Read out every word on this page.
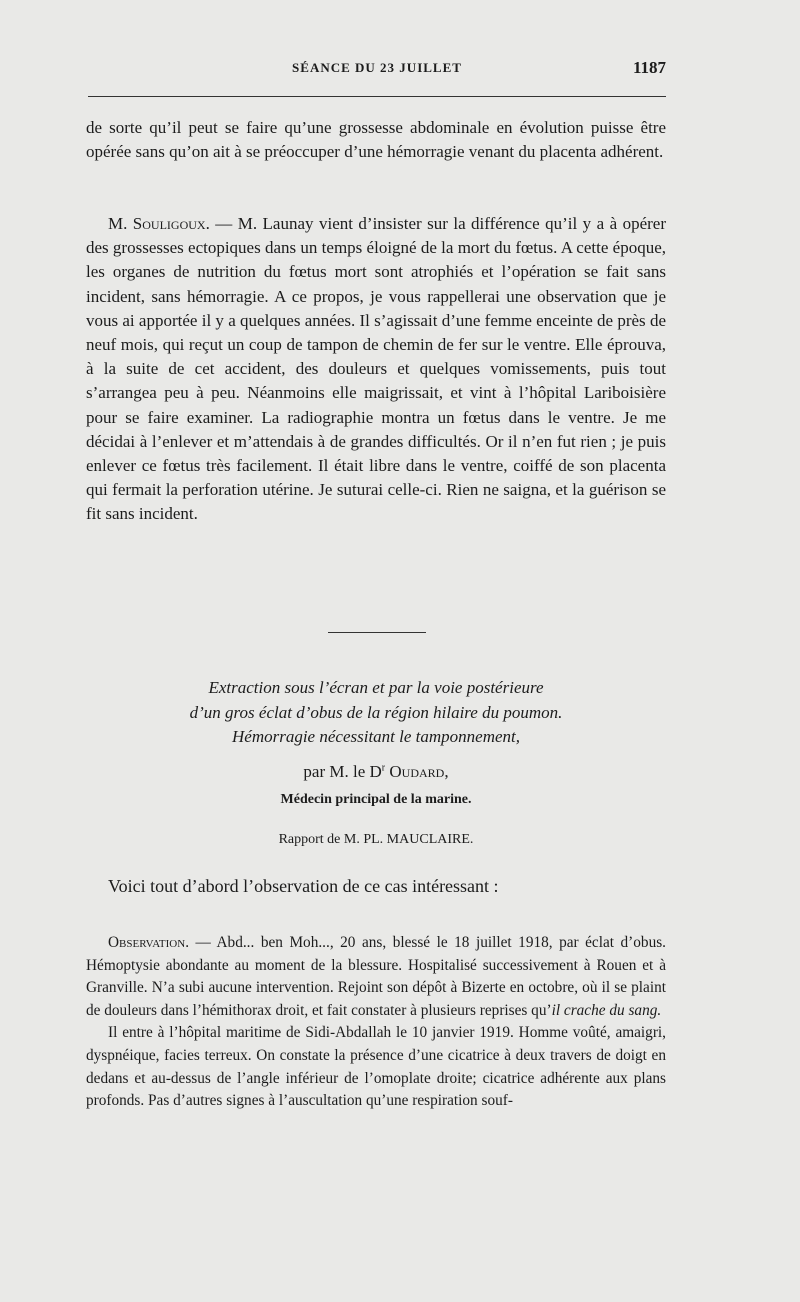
SÉANCE DU 23 JUILLET	1187

de sorte qu’il peut se faire qu’une grossesse abdominale en évolution puisse être opérée sans qu’on ait à se préoccuper d’une hémorragie venant du placenta adhérent.

M. Souligoux. — M. Launay vient d’insister sur la différence qu’il y a à opérer des grossesses ectopiques dans un temps éloigné de la mort du fœtus. A cette époque, les organes de nutrition du fœtus mort sont atrophiés et l’opération se fait sans incident, sans hémorragie. A ce propos, je vous rappellerai une observation que je vous ai apportée il y a quelques années. Il s’agissait d’une femme enceinte de près de neuf mois, qui reçut un coup de tampon de chemin de fer sur le ventre. Elle éprouva, à la suite de cet accident, des douleurs et quelques vomissements, puis tout s’arrangea peu à peu. Néanmoins elle maigrissait, et vint à l’hôpital Lariboisière pour se faire examiner. La radiographie montra un fœtus dans le ventre. Je me décidai à l’enlever et m’attendais à de grandes difficultés. Or il n’en fut rien ; je puis enlever ce fœtus très facilement. Il était libre dans le ventre, coiffé de son placenta qui fermait la perforation utérine. Je suturai celle-ci. Rien ne saigna, et la guérison se fit sans incident.

Extraction sous l’écran et par la voie postérieure
d’un gros éclat d’obus de la région hilaire du poumon.
Hémorragie nécessitant le tamponnement,
par M. le $D^r$ Oudard,
Médecin principal de la marine.
Rapport de M. PL. MAUCLAIRE.
Voici tout d’abord l’observation de ce cas intéressant :

Observation. — Abd... ben Moh..., 20 ans, blessé le 18 juillet 1918, par éclat d’obus. Hémoptysie abondante au moment de la blessure. Hospitalisé successivement à Rouen et à Granville. N’a subi aucune intervention. Rejoint son dépôt à Bizerte en octobre, où il se plaint de douleurs dans l’hémithorax droit, et fait constater à plusieurs reprises qu’il crache du sang.

Il entre à l’hôpital maritime de Sidi-Abdallah le 10 janvier 1919. Homme voûté, amaigri, dyspnéique, facies terreux. On constate la présence d’une cicatrice à deux travers de doigt en dedans et au-dessus de l’angle inférieur de l’omoplate droite; cicatrice adhérente aux plans profonds. Pas d’autres signes à l’auscultation qu’une respiration souf-
